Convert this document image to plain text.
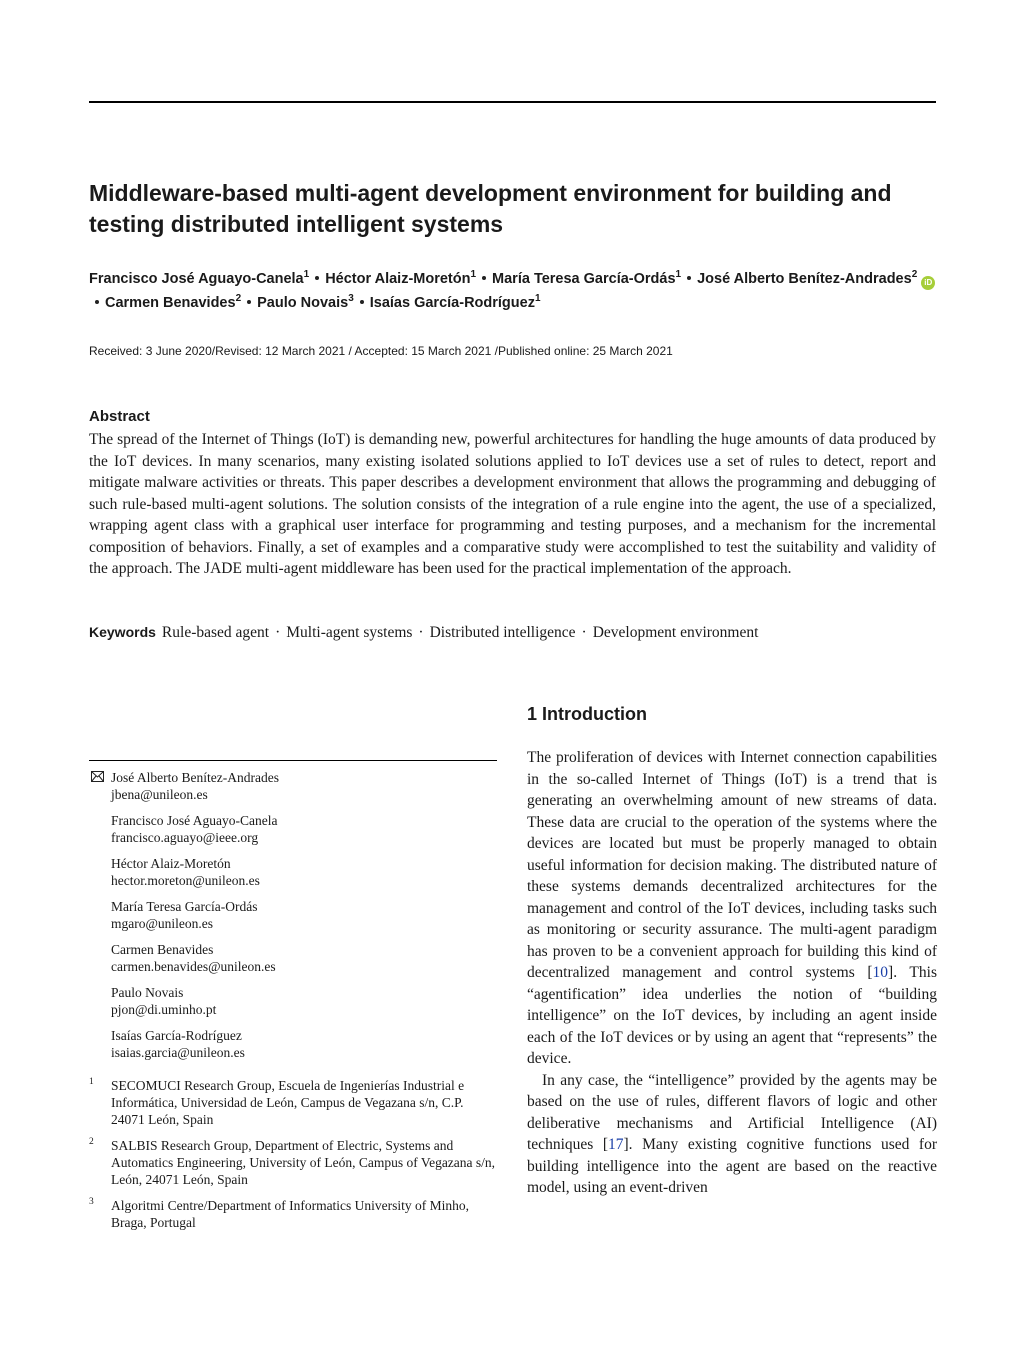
Middleware-based multi-agent development environment for building and testing distributed intelligent systems

Francisco José Aguayo-Canela$^1$ Héctor Alaiz-Moretón$^1$ María Teresa García-Ordás$^1$ José Alberto Benítez-Andrades$^2$iDCarmen Benavides$^2$ Paulo Novais$^3$ Isaías García-Rodríguez$^1$

Received: 3 June 2020/Revised: 12 March 2021 / Accepted: 15 March 2021 /Published online: 25 March 2021

Abstract

The spread of the Internet of Things (IoT) is demanding new, powerful architectures for handling the huge amounts of data produced by the IoT devices. In many scenarios, many existing isolated solutions applied to IoT devices use a set of rules to detect, report and mitigate malware activities or threats. This paper describes a development environment that allows the programming and debugging of such rule-based multi-agent solutions. The solution consists of the integration of a rule engine into the agent, the use of a specialized, wrapping agent class with a graphical user interface for programming and testing purposes, and a mechanism for the incremental composition of behaviors. Finally, a set of examples and a comparative study were accomplished to test the suitability and validity of the approach. The JADE multi-agent middleware has been used for the practical implementation of the approach.

Keywords Rule-based agent · Multi-agent systems · Distributed intelligence · Development environment

1 Introduction

The proliferation of devices with Internet connection capabilities in the so-called Internet of Things (IoT) is a trend that is generating an overwhelming amount of new streams of data. These data are crucial to the operation of the systems where the devices are located but must be properly managed to obtain useful information for decision making. The distributed nature of these systems demands decentralized architectures for the management and control of the IoT devices, including tasks such as monitoring or security assurance. The multi-agent paradigm has proven to be a convenient approach for building this kind of decentralized management and control systems [10]. This “agentification” idea underlies the notion of “building intelligence” on the IoT devices, by including an agent inside each of the IoT devices or by using an agent that “represents” the device.

In any case, the “intelligence” provided by the agents may be based on the use of rules, different flavors of logic and other deliberative mechanisms and Artificial Intelligence (AI) techniques [17]. Many existing cognitive functions used for building intelligence into the agent are based on the reactive model, using an event-driven

José Alberto Benítez-Andrades
jbena@unileon.es
Francisco José Aguayo-Canela
francisco.aguayo@ieee.org
Héctor Alaiz-Moretón
hector.moreton@unileon.es
María Teresa García-Ordás
mgaro@unileon.es
Carmen Benavides
carmen.benavides@unileon.es
Paulo Novais
pjon@di.uminho.pt
Isaías García-Rodríguez
isaias.garcia@unileon.es
1 SECOMUCI Research Group, Escuela de Ingenierías Industrial e Informática, Universidad de León, Campus de Vegazana s/n, C.P. 24071 León, Spain
2 SALBIS Research Group, Department of Electric, Systems and Automatics Engineering, University of León, Campus of Vegazana s/n, León, 24071 León, Spain
3 Algoritmi Centre/Department of Informatics University of Minho, Braga, Portugal
